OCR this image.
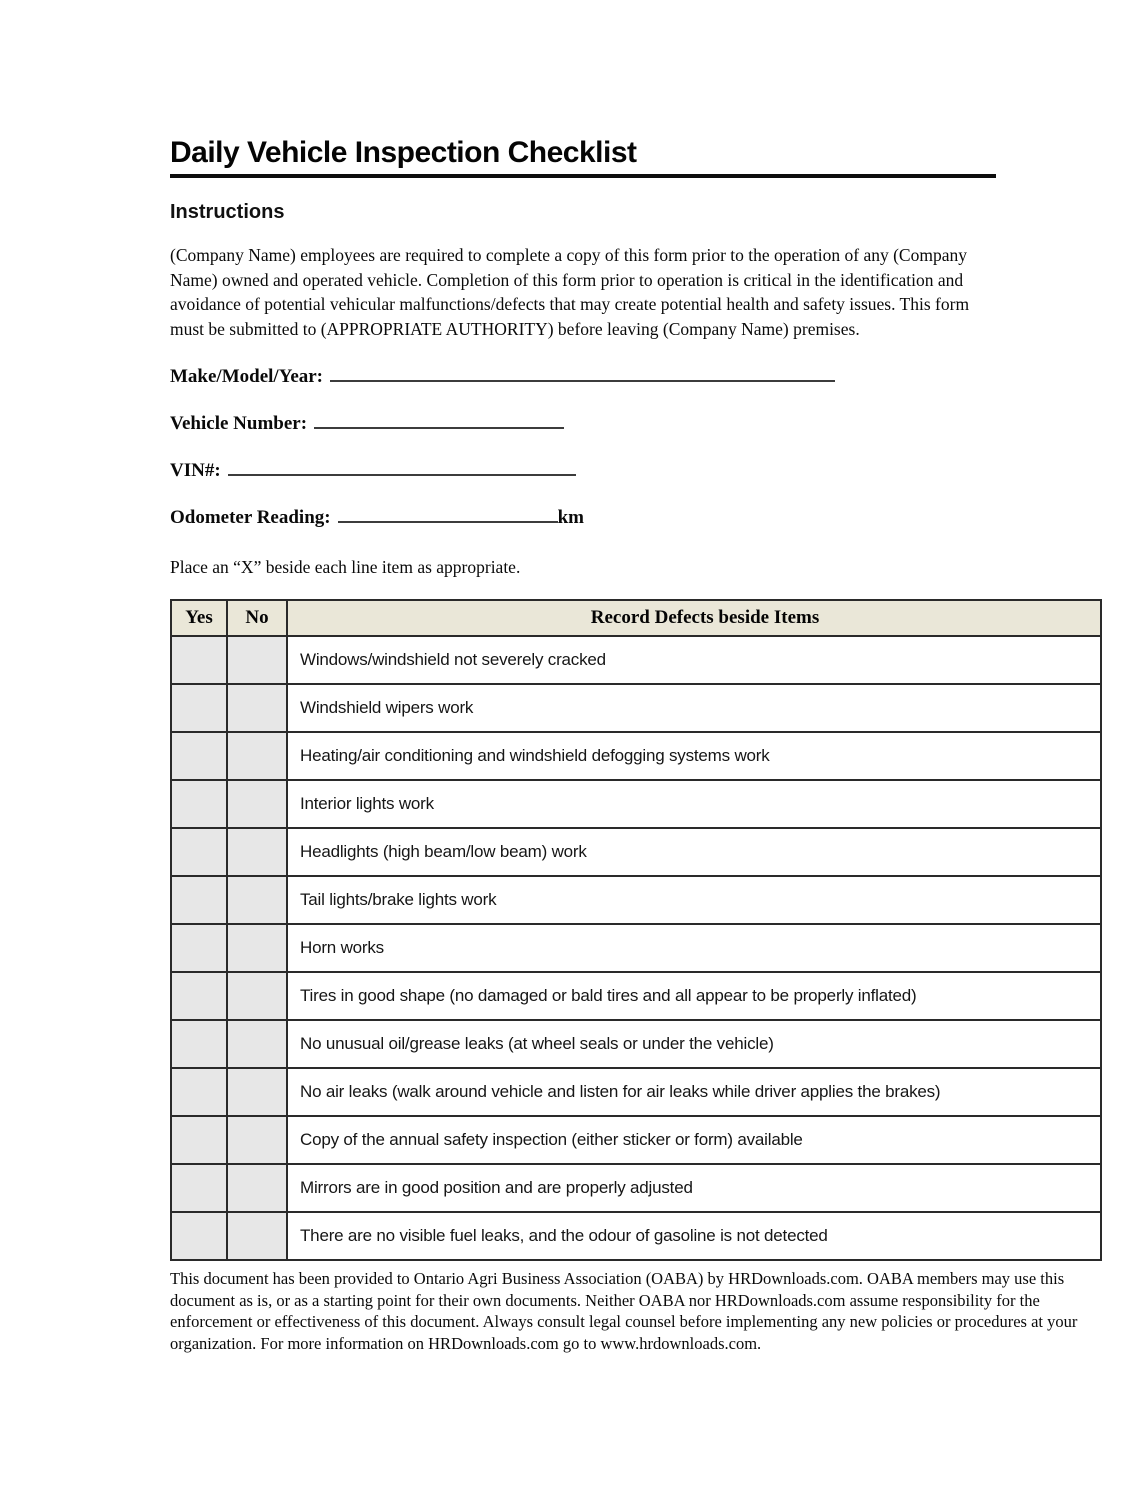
Daily Vehicle Inspection Checklist
Instructions

(Company Name) employees are required to complete a copy of this form prior to the operation of any (Company Name) owned and operated vehicle. Completion of this form prior to operation is critical in the identification and avoidance of potential vehicular malfunctions/defects that may create potential health and safety issues. This form must be submitted to (APPROPRIATE AUTHORITY) before leaving (Company Name) premises.

Make/Model/Year:
Vehicle Number:
VIN#:
Odometer Reading:	km

Place an “X” beside each line item as appropriate.

Yes	No	Record Defects beside Items
		Windows/windshield not severely cracked
		Windshield wipers work
		Heating/air conditioning and windshield defogging systems work
		Interior lights work
		Headlights (high beam/low beam) work
		Tail lights/brake lights work
		Horn works
		Tires in good shape (no damaged or bald tires and all appear to be properly inflated)
		No unusual oil/grease leaks (at wheel seals or under the vehicle)
		No air leaks (walk around vehicle and listen for air leaks while driver applies the brakes)
		Copy of the annual safety inspection (either sticker or form) available
		Mirrors are in good position and are properly adjusted
		There are no visible fuel leaks, and the odour of gasoline is not detected

This document has been provided to Ontario Agri Business Association (OABA) by HRDownloads.com. OABA members may use this document as is, or as a starting point for their own documents. Neither OABA nor HRDownloads.com assume responsibility for the enforcement or effectiveness of this document. Always consult legal counsel before implementing any new policies or procedures at your organization. For more information on HRDownloads.com go to www.hrdownloads.com.
